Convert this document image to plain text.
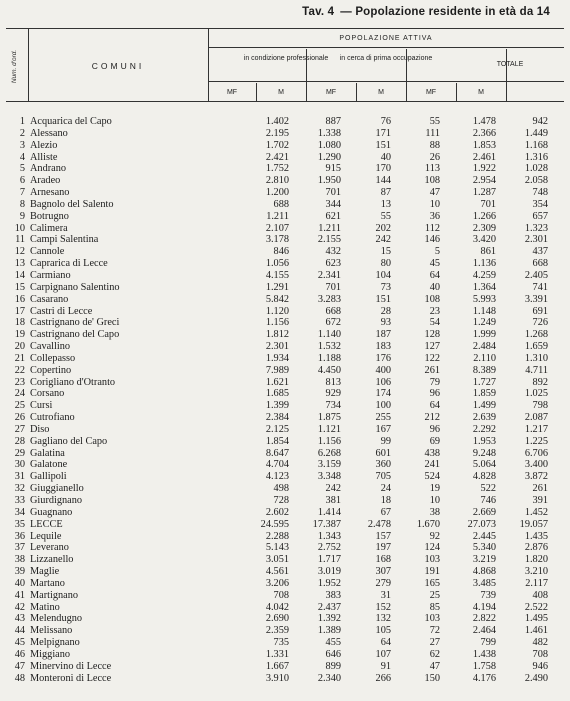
Tav. 4 — Popolazione residente in età da 14
Num. d'ord.	COMUNI
POPOLAZIONE ATTIVA
in condizione professionale	in cerca di prima occupazione
TOTALE
MF	M	MF	M	MF	M
1 Acquarica del Capo	1.402	887	76	55	1.478	942
2 Alessano	2.195	1.338	171	111	2.366	1.449
3 Alezio	1.702	1.080	151	88	1.853	1.168
4 Alliste	2.421	1.290	40	26	2.461	1.316
5 Andrano	1.752	915	170	113	1.922	1.028
6 Aradeo	2.810	1.950	144	108	2.954	2.058
7 Arnesano	1.200	701	87	47	1.287	748
8 Bagnolo del Salento	688	344	13	10	701	354
9 Botrugno	1.211	621	55	36	1.266	657
10 Calimera	2.107	1.211	202	112	2.309	1.323
11 Campi Salentina	3.178	2.155	242	146	3.420	2.301
12 Cannole	846	432	15	5	861	437
13 Caprarica di Lecce	1.056	623	80	45	1.136	668
14 Carmiano	4.155	2.341	104	64	4.259	2.405
15 Carpignano Salentino	1.291	701	73	40	1.364	741
16 Casarano	5.842	3.283	151	108	5.993	3.391
17 Castri di Lecce	1.120	668	28	23	1.148	691
18 Castrignano de' Greci	1.156	672	93	54	1.249	726
19 Castrignano del Capo	1.812	1.140	187	128	1.999	1.268
20 Cavallino	2.301	1.532	183	127	2.484	1.659
21 Collepasso	1.934	1.188	176	122	2.110	1.310
22 Copertino	7.989	4.450	400	261	8.389	4.711
23 Corigliano d'Otranto	1.621	813	106	79	1.727	892
24 Corsano	1.685	929	174	96	1.859	1.025
25 Cursi	1.399	734	100	64	1.499	798
26 Cutrofiano	2.384	1.875	255	212	2.639	2.087
27 Diso	2.125	1.121	167	96	2.292	1.217
28 Gagliano del Capo	1.854	1.156	99	69	1.953	1.225
29 Galatina	8.647	6.268	601	438	9.248	6.706
30 Galatone	4.704	3.159	360	241	5.064	3.400
31 Gallipoli	4.123	3.348	705	524	4.828	3.872
32 Giuggianello	498	242	24	19	522	261
33 Giurdignano	728	381	18	10	746	391
34 Guagnano	2.602	1.414	67	38	2.669	1.452
35 LECCE	24.595 17.387	2.478	1.670	27.073 19.057
36 Lequile	2.288	1.343	157	92	2.445	1.435
37 Leverano	5.143	2.752	197	124	5.340	2.876
38 Lizzanello	3.051	1.717	168	103	3.219	1.820
39 Maglie	4.561	3.019	307	191	4.868	3.210
40 Martano	3.206	1.952	279	165	3.485	2.117
41 Martignano	708	383	31	25	739	408
42 Matino	4.042	2.437	152	85	4.194	2.522
43 Melendugno	2.690	1.392	132	103	2.822	1.495
44 Melissano	2.359	1.389	105	72	2.464	1.461
45 Melpignano	735	455	64	27	799	482
46 Miggiano	1.331	646	107	62	1.438	708
47 Minervino di Lecce	1.667	899	91	47	1.758	946
48 Monteroni di Lecce	3.910	2.340	266	150	4.176	2.490
